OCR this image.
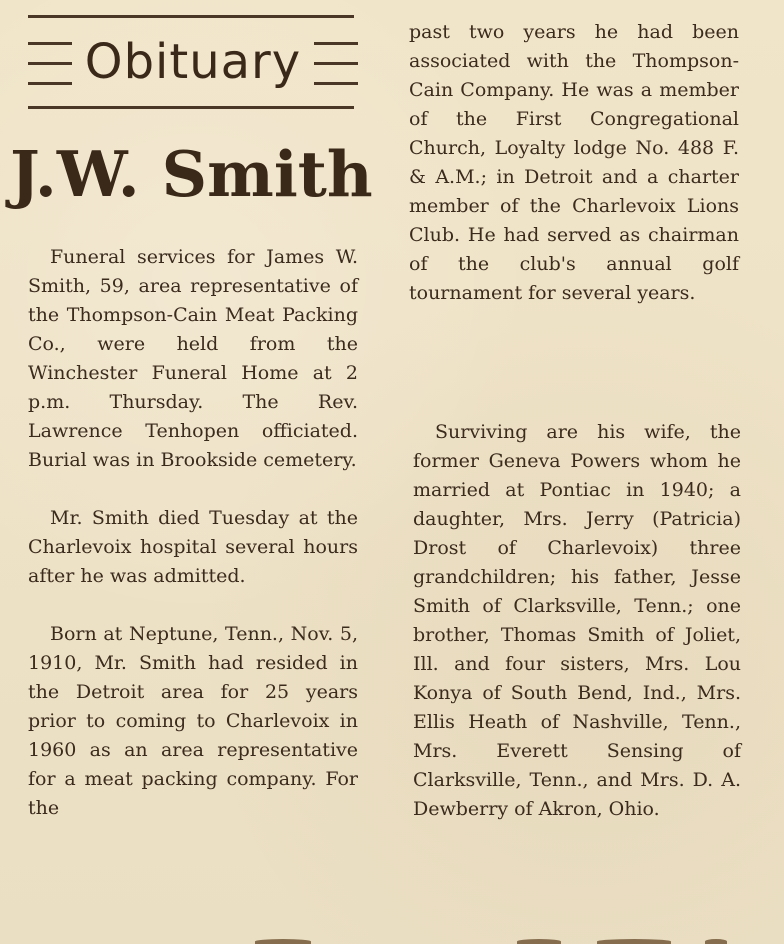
Obituary
J.W. Smith

Funeral services for James W. Smith, 59, area representative of the Thompson-Cain Meat Packing Co., were held from the Winchester Funeral Home at 2 p.m. Thursday. The Rev. Lawrence Tenhopen officiated. Burial was in Brookside cemetery.

Mr. Smith died Tuesday at the Charlevoix hospital several hours after he was admitted.

Born at Neptune, Tenn., Nov. 5, 1910, Mr. Smith had resided in the Detroit area for 25 years prior to coming to Charlevoix in 1960 as an area representative for a meat packing company. For the

past two years he had been associated with the Thompson-Cain Company. He was a member of the First Congregational Church, Loyalty lodge No. 488 F. & A.M.; in Detroit and a charter member of the Charlevoix Lions Club. He had served as chairman of the club's annual golf tournament for several years.

Surviving are his wife, the former Geneva Powers whom he married at Pontiac in 1940; a daughter, Mrs. Jerry (Patricia) Drost of Charlevoix) three grandchildren; his father, Jesse Smith of Clarksville, Tenn.; one brother, Thomas Smith of Joliet, Ill. and four sisters, Mrs. Lou Konya of South Bend, Ind., Mrs. Ellis Heath of Nashville, Tenn., Mrs. Everett Sensing of Clarksville, Tenn., and Mrs. D. A. Dewberry of Akron, Ohio.
